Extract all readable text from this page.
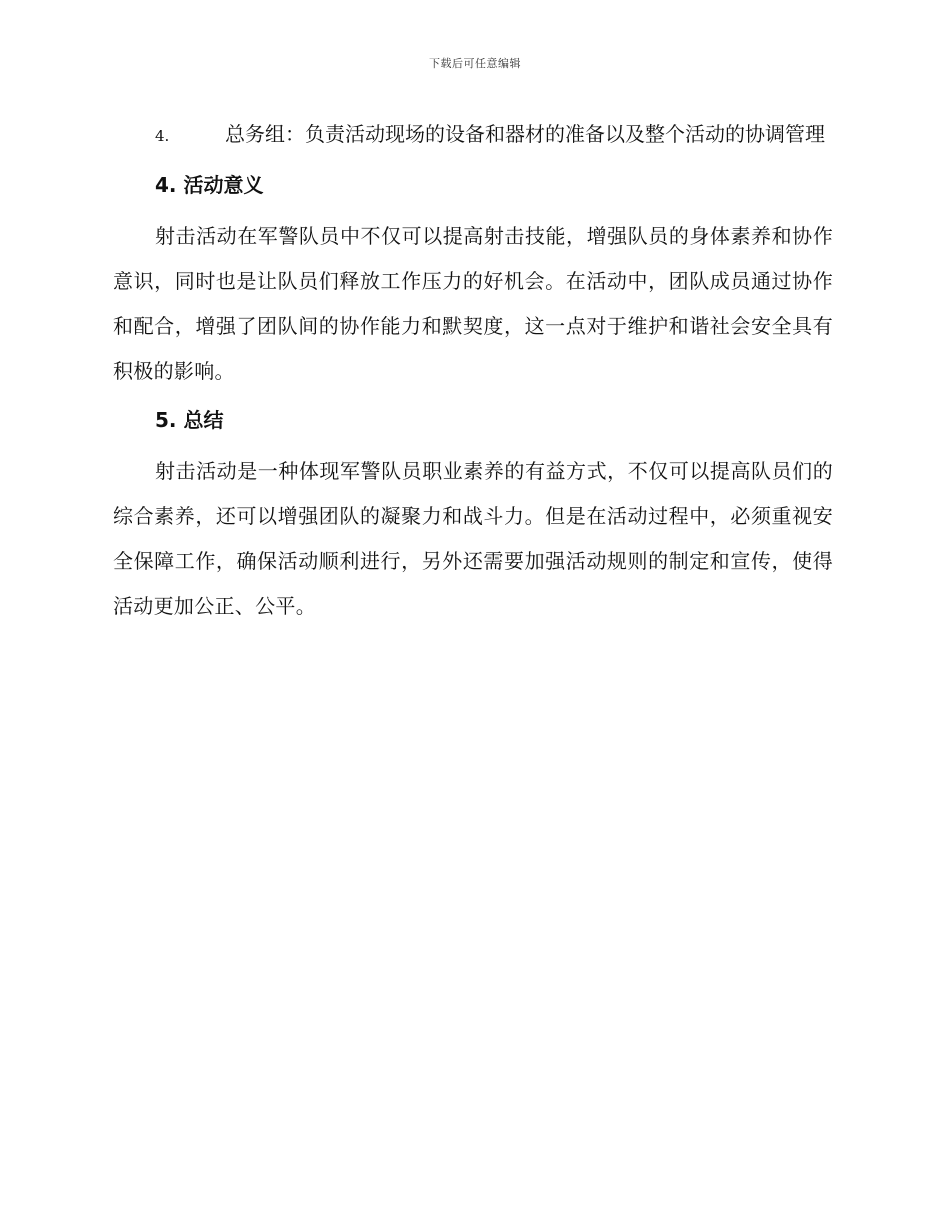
下载后可任意编辑

4.	总务组：负责活动现场的设备和器材的准备以及整个活动的协调管理

4. 活动意义

射击活动在军警队员中不仅可以提高射击技能，增强队员的身体素养和协作意识，同时也是让队员们释放工作压力的好机会。在活动中，团队成员通过协作和配合，增强了团队间的协作能力和默契度，这一点对于维护和谐社会安全具有积极的影响。

5. 总结

射击活动是一种体现军警队员职业素养的有益方式，不仅可以提高队员们的综合素养，还可以增强团队的凝聚力和战斗力。但是在活动过程中，必须重视安全保障工作，确保活动顺利进行，另外还需要加强活动规则的制定和宣传，使得活动更加公正、公平。
